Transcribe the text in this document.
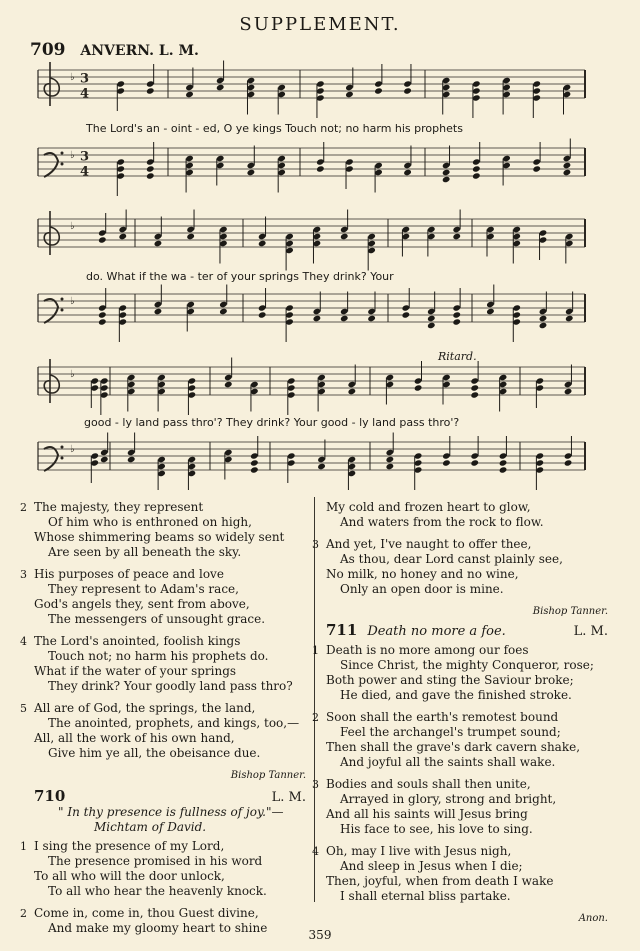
SUPPLEMENT.
709 ANVERN. L. M.
♭ 3
4
♭ 3
4
♭
♭
♭
♭
The Lord's an - oint - ed, O ye kings Touch not; no harm his prophets
do. What if the wa - ter of your springs They drink? Your
Ritard.
good - ly land pass thro'? They drink? Your good - ly land pass thro'?
2 The majesty, they represent
Of him who is enthroned on high,
Whose shimmering beams so widely sent
Are seen by all beneath the sky.
3 His purposes of peace and love
They represent to Adam's race,
God's angels they, sent from above,
The messengers of unsought grace.
4 The Lord's anointed, foolish kings
Touch not; no harm his prophets do.
What if the water of your springs
They drink? Your goodly land pass thro?
5 All are of God, the springs, the land,
The anointed, prophets, and kings, too,—
All, all the work of his own hand,
Give him ye all, the obeisance due.
Bishop Tanner.
710	L. M.
" In thy presence is fullness of joy."—
Michtam of David.
1 I sing the presence of my Lord,
The presence promised in his word
To all who will the door unlock,
To all who hear the heavenly knock.
2 Come in, come in, thou Guest divine,
And make my gloomy heart to shine
My cold and frozen heart to glow,
And waters from the rock to flow.
3 And yet, I've naught to offer thee,
As thou, dear Lord canst plainly see,
No milk, no honey and no wine,
Only an open door is mine.
Bishop Tanner.
711 Death no more a foe.	L. M.
1 Death is no more among our foes
Since Christ, the mighty Conqueror, rose;
Both power and sting the Saviour broke;
He died, and gave the finished stroke.
2 Soon shall the earth's remotest bound
Feel the archangel's trumpet sound;
Then shall the grave's dark cavern shake,
And joyful all the saints shall wake.
3 Bodies and souls shall then unite,
Arrayed in glory, strong and bright,
And all his saints will Jesus bring
His face to see, his love to sing.
4 Oh, may I live with Jesus nigh,
And sleep in Jesus when I die;
Then, joyful, when from death I wake
I shall eternal bliss partake.
Anon.
359
